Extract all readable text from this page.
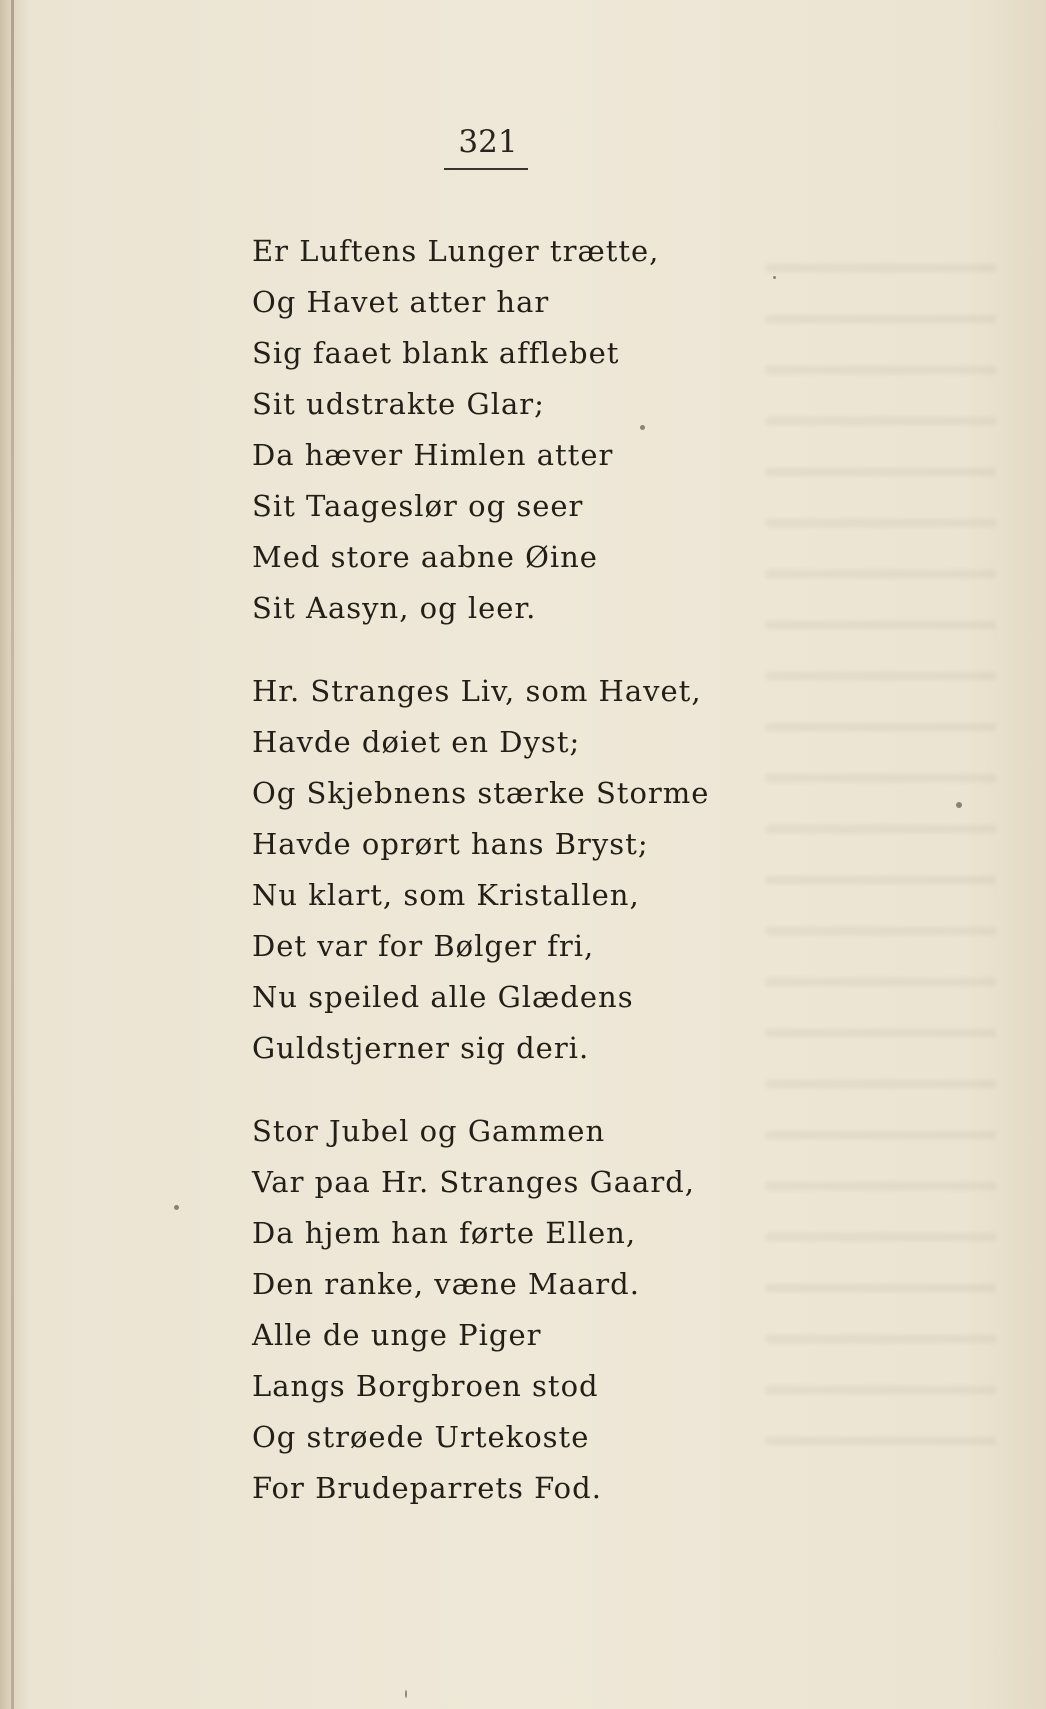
321
Er Luftens Lunger trætte,
Og Havet atter har
Sig faaet blank afflebet
Sit udstrakte Glar;
Da hæver Himlen atter
Sit Taageslør og seer
Med store aabne Øine
Sit Aasyn, og leer.
Hr. Stranges Liv, som Havet,
Havde døiet en Dyst;
Og Skjebnens stærke Storme
Havde oprørt hans Bryst;
Nu klart, som Kristallen,
Det var for Bølger fri,
Nu speiled alle Glædens
Guldstjerner sig deri.
Stor Jubel og Gammen
Var paa Hr. Stranges Gaard,
Da hjem han førte Ellen,
Den ranke, væne Maard.
Alle de unge Piger
Langs Borgbroen stod
Og strøede Urtekoste
For Brudeparrets Fod.
